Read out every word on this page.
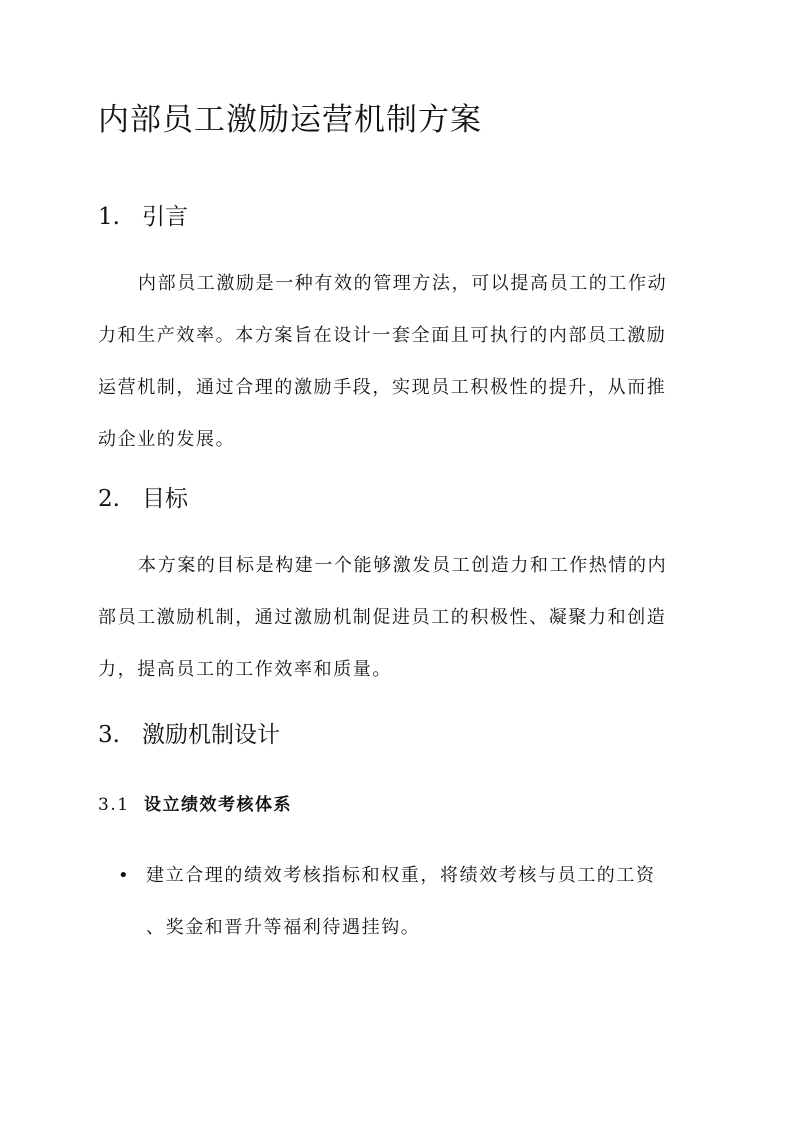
内部员工激励运营机制方案
1. 引言

内部员工激励是一种有效的管理方法，可以提高员工的工作动
力和生产效率。本方案旨在设计一套全面且可执行的内部员工激励
运营机制，通过合理的激励手段，实现员工积极性的提升，从而推
动企业的发展。

2. 目标

本方案的目标是构建一个能够激发员工创造力和工作热情的内
部员工激励机制，通过激励机制促进员工的积极性、凝聚力和创造
力，提高员工的工作效率和质量。

3. 激励机制设计
3.1 设立绩效考核体系
• 建立合理的绩效考核指标和权重，将绩效考核与员工的工资
、奖金和晋升等福利待遇挂钩。
